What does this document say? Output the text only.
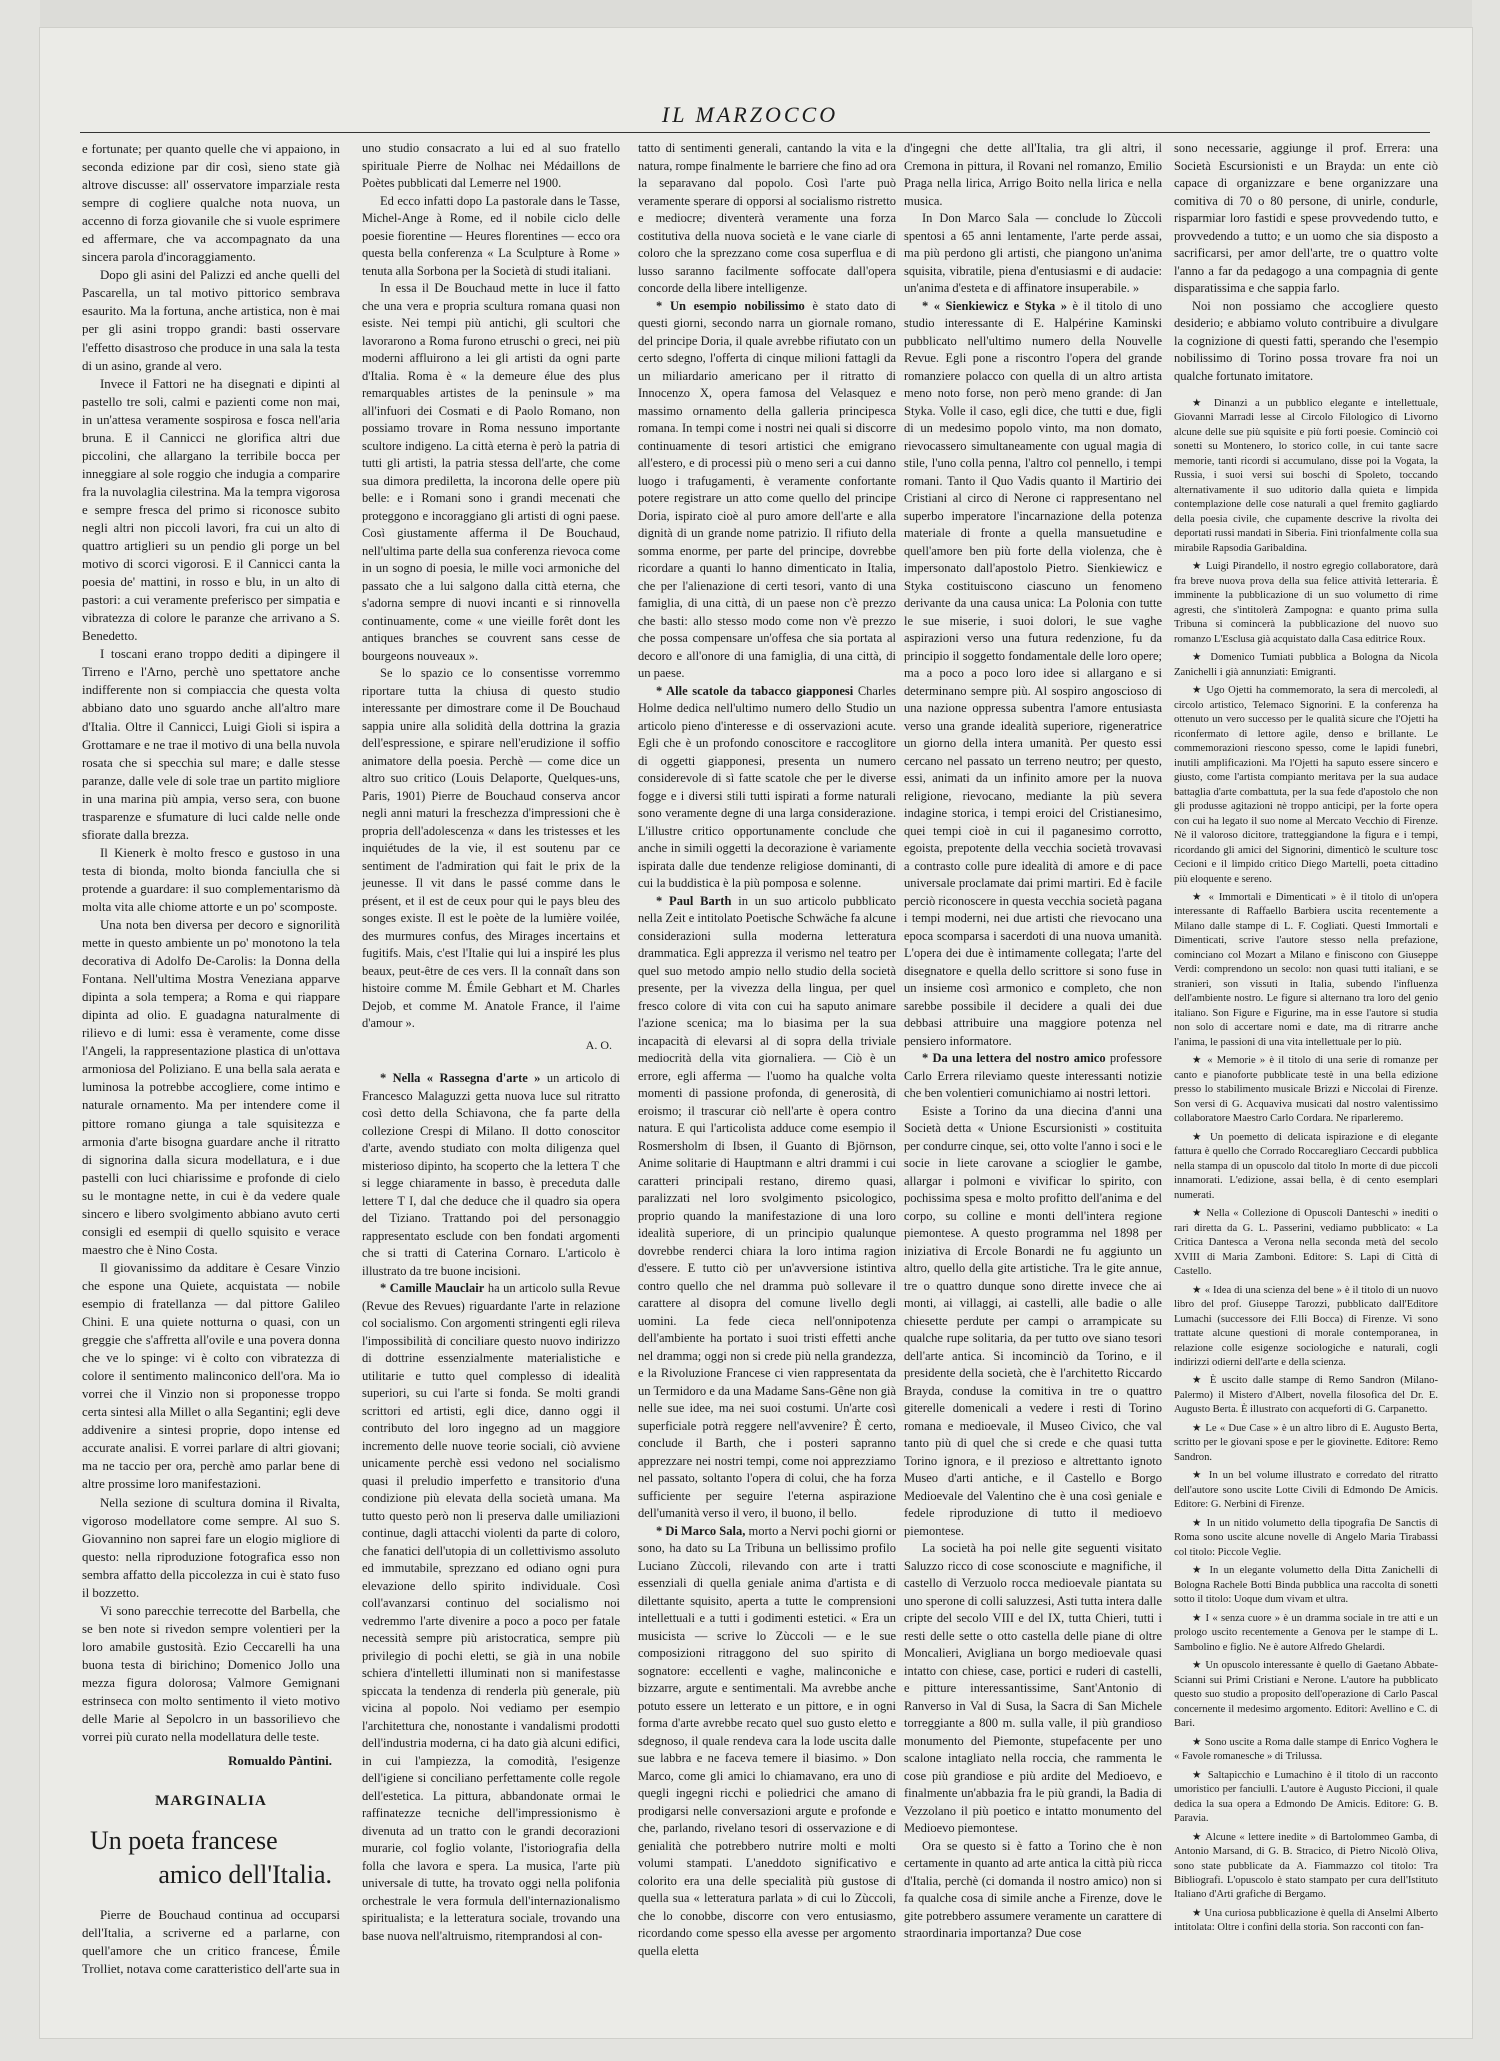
IL MARZOCCO

e fortunate; per quanto quelle che vi appaiono, in seconda edizione par dir così, sieno state già altrove discusse: all' osservatore imparziale resta sempre di cogliere qualche nota nuova, un accenno di forza giovanile che si vuole esprimere ed affermare, che va accompagnato da una sincera parola d'incoraggiamento.

Dopo gli asini del Palizzi ed anche quelli del Pascarella, un tal motivo pittorico sembrava esaurito. Ma la fortuna, anche artistica, non è mai per gli asini troppo grandi: basti osservare l'effetto disastroso che produce in una sala la testa di un asino, grande al vero.

Invece il Fattori ne ha disegnati e dipinti al pastello tre soli, calmi e pazienti come non mai, in un'attesa veramente sospirosa e fosca nell'aria bruna. E il Cannicci ne glorifica altri due piccolini, che allargano la terribile bocca per inneggiare al sole roggio che indugia a comparire fra la nuvolaglia cilestrina. Ma la tempra vigorosa e sempre fresca del primo si riconosce subito negli altri non piccoli lavori, fra cui un alto di quattro artiglieri su un pendio gli porge un bel motivo di scorci vigorosi. E il Cannicci canta la poesia de' mattini, in rosso e blu, in un alto di pastori: a cui veramente preferisco per simpatia e vibratezza di colore le paranze che arrivano a S. Benedetto.

I toscani erano troppo dediti a dipingere il Tirreno e l'Arno, perchè uno spettatore anche indifferente non si compiaccia che questa volta abbiano dato uno sguardo anche all'altro mare d'Italia. Oltre il Cannicci, Luigi Gioli si ispira a Grottamare e ne trae il motivo di una bella nuvola rosata che si specchia sul mare; e dalle stesse paranze, dalle vele di sole trae un partito migliore in una marina più ampia, verso sera, con buone trasparenze e sfumature di luci calde nelle onde sfiorate dalla brezza.

Il Kienerk è molto fresco e gustoso in una testa di bionda, molto bionda fanciulla che si protende a guardare: il suo complementarismo dà molta vita alle chiome attorte e un po' scomposte.

Una nota ben diversa per decoro e signorilità mette in questo ambiente un po' monotono la tela decorativa di Adolfo De-Carolis: la Donna della Fontana. Nell'ultima Mostra Veneziana apparve dipinta a sola tempera; a Roma e qui riappare dipinta ad olio. E guadagna naturalmente di rilievo e di lumi: essa è veramente, come disse l'Angeli, la rappresentazione plastica di un'ottava armoniosa del Poliziano. E una bella sala aerata e luminosa la potrebbe accogliere, come intimo e naturale ornamento. Ma per intendere come il pittore romano giunga a tale squisitezza e armonia d'arte bisogna guardare anche il ritratto di signorina dalla sicura modellatura, e i due pastelli con luci chiarissime e profonde di cielo su le montagne nette, in cui è da vedere quale sincero e libero svolgimento abbiano avuto certi consigli ed esempii di quello squisito e verace maestro che è Nino Costa.

Il giovanissimo da additare è Cesare Vinzio che espone una Quiete, acquistata — nobile esempio di fratellanza — dal pittore Galileo Chini. E una quiete notturna o quasi, con un greggie che s'affretta all'ovile e una povera donna che ve lo spinge: vi è colto con vibratezza di colore il sentimento malinconico dell'ora. Ma io vorrei che il Vinzio non si proponesse troppo certa sintesi alla Millet o alla Segantini; egli deve addivenire a sintesi proprie, dopo intense ed accurate analisi. E vorrei parlare di altri giovani; ma ne taccio per ora, perchè amo parlar bene di altre prossime loro manifestazioni.

Nella sezione di scultura domina il Rivalta, vigoroso modellatore come sempre. Al suo S. Giovannino non saprei fare un elogio migliore di questo: nella riproduzione fotografica esso non sembra affatto della piccolezza in cui è stato fuso il bozzetto.

Vi sono parecchie terrecotte del Barbella, che se ben note si rivedon sempre volentieri per la loro amabile gustosità. Ezio Ceccarelli ha una buona testa di birichino; Domenico Jollo una mezza figura dolorosa; Valmore Gemignani estrinseca con molto sentimento il vieto motivo delle Marie al Sepolcro in un bassorilievo che vorrei più curato nella modellatura delle teste.

Romualdo Pàntini.
MARGINALIA
Un poeta francese
amico dell'Italia.

Pierre de Bouchaud continua ad occuparsi dell'Italia, a scriverne ed a parlarne, con quell'amore che un critico francese, Émile Trolliet, notava come caratteristico dell'arte sua in

uno studio consacrato a lui ed al suo fratello spirituale Pierre de Nolhac nei Médaillons de Poètes pubblicati dal Lemerre nel 1900.

Ed ecco infatti dopo La pastorale dans le Tasse, Michel-Ange à Rome, ed il nobile ciclo delle poesie fiorentine — Heures florentines — ecco ora questa bella conferenza « La Sculpture à Rome » tenuta alla Sorbona per la Società di studi italiani.

In essa il De Bouchaud mette in luce il fatto che una vera e propria scultura romana quasi non esiste. Nei tempi più antichi, gli scultori che lavorarono a Roma furono etruschi o greci, nei più moderni affluirono a lei gli artisti da ogni parte d'Italia. Roma è « la demeure élue des plus remarquables artistes de la peninsule » ma all'infuori dei Cosmati e di Paolo Romano, non possiamo trovare in Roma nessuno importante scultore indigeno. La città eterna è però la patria di tutti gli artisti, la patria stessa dell'arte, che come sua dimora prediletta, la incorona delle opere più belle: e i Romani sono i grandi mecenati che proteggono e incoraggiano gli artisti di ogni paese. Così giustamente afferma il De Bouchaud, nell'ultima parte della sua conferenza rievoca come in un sogno di poesia, le mille voci armoniche del passato che a lui salgono dalla città eterna, che s'adorna sempre di nuovi incanti e si rinnovella continuamente, come « une vieille forêt dont les antiques branches se couvrent sans cesse de bourgeons nouveaux ».

Se lo spazio ce lo consentisse vorremmo riportare tutta la chiusa di questo studio interessante per dimostrare come il De Bouchaud sappia unire alla solidità della dottrina la grazia dell'espressione, e spirare nell'erudizione il soffio animatore della poesia. Perchè — come dice un altro suo critico (Louis Delaporte, Quelques-uns, Paris, 1901) Pierre de Bouchaud conserva ancor negli anni maturi la freschezza d'impressioni che è propria dell'adolescenza « dans les tristesses et les inquiétudes de la vie, il est soutenu par ce sentiment de l'admiration qui fait le prix de la jeunesse. Il vit dans le passé comme dans le présent, et il est de ceux pour qui le pays bleu des songes existe. Il est le poète de la lumière voilée, des murmures confus, des Mirages incertains et fugitifs. Mais, c'est l'Italie qui lui a inspiré les plus beaux, peut-être de ces vers. Il la connaît dans son histoire comme M. Émile Gebhart et M. Charles Dejob, et comme M. Anatole France, il l'aime d'amour ».

A. O.

* Nella « Rassegna d'arte » un articolo di Francesco Malaguzzi getta nuova luce sul ritratto così detto della Schiavona, che fa parte della collezione Crespi di Milano. Il dotto conoscitor d'arte, avendo studiato con molta diligenza quel misterioso dipinto, ha scoperto che la lettera T che si legge chiaramente in basso, è preceduta dalle lettere T I, dal che deduce che il quadro sia opera del Tiziano. Trattando poi del personaggio rappresentato esclude con ben fondati argomenti che si tratti di Caterina Cornaro. L'articolo è illustrato da tre buone incisioni.

* Camille Mauclair ha un articolo sulla Revue (Revue des Revues) riguardante l'arte in relazione col socialismo. Con argomenti stringenti egli rileva l'impossibilità di conciliare questo nuovo indirizzo di dottrine essenzialmente materialistiche e utilitarie e tutto quel complesso di idealità superiori, su cui l'arte si fonda. Se molti grandi scrittori ed artisti, egli dice, danno oggi il contributo del loro ingegno ad un maggiore incremento delle nuove teorie sociali, ciò avviene unicamente perchè essi vedono nel socialismo quasi il preludio imperfetto e transitorio d'una condizione più elevata della società umana. Ma tutto questo però non li preserva dalle umiliazioni continue, dagli attacchi violenti da parte di coloro, che fanatici dell'utopia di un collettivismo assoluto ed immutabile, sprezzano ed odiano ogni pura elevazione dello spirito individuale. Così coll'avanzarsi continuo del socialismo noi vedremmo l'arte divenire a poco a poco per fatale necessità sempre più aristocratica, sempre più privilegio di pochi eletti, se già in una nobile schiera d'intelletti illuminati non si manifestasse spiccata la tendenza di renderla più generale, più vicina al popolo. Noi vediamo per esempio l'architettura che, nonostante i vandalismi prodotti dell'industria moderna, ci ha dato già alcuni edifici, in cui l'ampiezza, la comodità, l'esigenze dell'igiene si conciliano perfettamente colle regole dell'estetica. La pittura, abbandonate ormai le raffinatezze tecniche dell'impressionismo è divenuta ad un tratto con le grandi decorazioni murarie, col foglio volante, l'istoriografia della folla che lavora e spera. La musica, l'arte più universale di tutte, ha trovato oggi nella polifonia orchestrale le vera formula dell'internazionalismo spiritualista; e la letteratura sociale, trovando una base nuova nell'altruismo, ritemprandosi al con-

tatto di sentimenti generali, cantando la vita e la natura, rompe finalmente le barriere che fino ad ora la separavano dal popolo. Così l'arte può veramente sperare di opporsi al socialismo ristretto e mediocre; diventerà veramente una forza costitutiva della nuova società e le vane ciarle di coloro che la sprezzano come cosa superflua e di lusso saranno facilmente soffocate dall'opera concorde della libere intelligenze.

* Un esempio nobilissimo è stato dato di questi giorni, secondo narra un giornale romano, del principe Doria, il quale avrebbe rifiutato con un certo sdegno, l'offerta di cinque milioni fattagli da un miliardario americano per il ritratto di Innocenzo X, opera famosa del Velasquez e massimo ornamento della galleria principesca romana. In tempi come i nostri nei quali si discorre continuamente di tesori artistici che emigrano all'estero, e di processi più o meno seri a cui danno luogo i trafugamenti, è veramente confortante potere registrare un atto come quello del principe Doria, ispirato cioè al puro amore dell'arte e alla dignità di un grande nome patrizio. Il rifiuto della somma enorme, per parte del principe, dovrebbe ricordare a quanti lo hanno dimenticato in Italia, che per l'alienazione di certi tesori, vanto di una famiglia, di una città, di un paese non c'è prezzo che basti: allo stesso modo come non v'è prezzo che possa compensare un'offesa che sia portata al decoro e all'onore di una famiglia, di una città, di un paese.

* Alle scatole da tabacco giapponesi Charles Holme dedica nell'ultimo numero dello Studio un articolo pieno d'interesse e di osservazioni acute. Egli che è un profondo conoscitore e raccoglitore di oggetti giapponesi, presenta un numero considerevole di sì fatte scatole che per le diverse fogge e i diversi stili tutti ispirati a forme naturali sono veramente degne di una larga considerazione. L'illustre critico opportunamente conclude che anche in simili oggetti la decorazione è variamente ispirata dalle due tendenze religiose dominanti, di cui la buddistica è la più pomposa e solenne.

* Paul Barth in un suo articolo pubblicato nella Zeit e intitolato Poetische Schwäche fa alcune considerazioni sulla moderna letteratura drammatica. Egli apprezza il verismo nel teatro per quel suo metodo ampio nello studio della società presente, per la vivezza della lingua, per quel fresco colore di vita con cui ha saputo animare l'azione scenica; ma lo biasima per la sua incapacità di elevarsi al di sopra della triviale mediocrità della vita giornaliera. — Ciò è un errore, egli afferma — l'uomo ha qualche volta momenti di passione profonda, di generosità, di eroismo; il trascurar ciò nell'arte è opera contro natura. E qui l'articolista adduce come esempio il Rosmersholm di Ibsen, il Guanto di Björnson, Anime solitarie di Hauptmann e altri drammi i cui caratteri principali restano, diremo quasi, paralizzati nel loro svolgimento psicologico, proprio quando la manifestazione di una loro idealità superiore, di un principio qualunque dovrebbe renderci chiara la loro intima ragion d'essere. E tutto ciò per un'avversione istintiva contro quello che nel dramma può sollevare il carattere al disopra del comune livello degli uomini. La fede cieca nell'onnipotenza dell'ambiente ha portato i suoi tristi effetti anche nel dramma; oggi non si crede più nella grandezza, e la Rivoluzione Francese ci vien rappresentata da un Termidoro e da una Madame Sans-Gêne non già nelle sue idee, ma nei suoi costumi. Un'arte così superficiale potrà reggere nell'avvenire? È certo, conclude il Barth, che i posteri sapranno apprezzare nei nostri tempi, come noi apprezziamo nel passato, soltanto l'opera di colui, che ha forza sufficiente per seguire l'eterna aspirazione dell'umanità verso il vero, il buono, il bello.

* Di Marco Sala, morto a Nervi pochi giorni or sono, ha dato su La Tribuna un bellissimo profilo Luciano Zùccoli, rilevando con arte i tratti essenziali di quella geniale anima d'artista e di dilettante squisito, aperta a tutte le comprensioni intellettuali e a tutti i godimenti estetici. « Era un musicista — scrive lo Zùccoli — e le sue composizioni ritraggono del suo spirito di sognatore: eccellenti e vaghe, malinconiche e bizzarre, argute e sentimentali. Ma avrebbe anche potuto essere un letterato e un pittore, e in ogni forma d'arte avrebbe recato quel suo gusto eletto e sdegnoso, il quale rendeva cara la lode uscita dalle sue labbra e ne faceva temere il biasimo. » Don Marco, come gli amici lo chiamavano, era uno di quegli ingegni ricchi e poliedrici che amano di prodigarsi nelle conversazioni argute e profonde e che, parlando, rivelano tesori di osservazione e di genialità che potrebbero nutrire molti e molti volumi stampati. L'aneddoto significativo e colorito era una delle specialità più gustose di quella sua « letteratura parlata » di cui lo Zùccoli, che lo conobbe, discorre con vero entusiasmo, ricordando come spesso ella avesse per argomento quella eletta

d'ingegni che dette all'Italia, tra gli altri, il Cremona in pittura, il Rovani nel romanzo, Emilio Praga nella lirica, Arrigo Boito nella lirica e nella musica.

In Don Marco Sala — conclude lo Zùccoli spentosi a 65 anni lentamente, l'arte perde assai, ma più perdono gli artisti, che piangono un'anima squisita, vibratile, piena d'entusiasmi e di audacie: un'anima d'esteta e di affinatore insuperabile. »

* « Sienkiewicz e Styka » è il titolo di uno studio interessante di E. Halpérine Kaminski pubblicato nell'ultimo numero della Nouvelle Revue. Egli pone a riscontro l'opera del grande romanziere polacco con quella di un altro artista meno noto forse, non però meno grande: di Jan Styka. Volle il caso, egli dice, che tutti e due, figli di un medesimo popolo vinto, ma non domato, rievocassero simultaneamente con ugual magia di stile, l'uno colla penna, l'altro col pennello, i tempi romani. Tanto il Quo Vadis quanto il Martirio dei Cristiani al circo di Nerone ci rappresentano nel superbo imperatore l'incarnazione della potenza materiale di fronte a quella mansuetudine e quell'amore ben più forte della violenza, che è impersonato dall'apostolo Pietro. Sienkiewicz e Styka costituiscono ciascuno un fenomeno derivante da una causa unica: La Polonia con tutte le sue miserie, i suoi dolori, le sue vaghe aspirazioni verso una futura redenzione, fu da principio il soggetto fondamentale delle loro opere; ma a poco a poco loro idee si allargano e si determinano sempre più. Al sospiro angoscioso di una nazione oppressa subentra l'amore entusiasta verso una grande idealità superiore, rigeneratrice un giorno della intera umanità. Per questo essi cercano nel passato un terreno neutro; per questo, essi, animati da un infinito amore per la nuova religione, rievocano, mediante la più severa indagine storica, i tempi eroici del Cristianesimo, quei tempi cioè in cui il paganesimo corrotto, egoista, prepotente della vecchia società trovavasi a contrasto colle pure idealità di amore e di pace universale proclamate dai primi martiri. Ed è facile perciò riconoscere in questa vecchia società pagana i tempi moderni, nei due artisti che rievocano una epoca scomparsa i sacerdoti di una nuova umanità. L'opera dei due è intimamente collegata; l'arte del disegnatore e quella dello scrittore si sono fuse in un insieme così armonico e completo, che non sarebbe possibile il decidere a quali dei due debbasi attribuire una maggiore potenza nel pensiero informatore.

* Da una lettera del nostro amico professore Carlo Errera rileviamo queste interessanti notizie che ben volentieri comunichiamo ai nostri lettori.

Esiste a Torino da una diecina d'anni una Società detta « Unione Escursionisti » costituita per condurre cinque, sei, otto volte l'anno i soci e le socie in liete carovane a scioglier le gambe, allargar i polmoni e vivificar lo spirito, con pochissima spesa e molto profitto dell'anima e del corpo, su colline e monti dell'intera regione piemontese. A questo programma nel 1898 per iniziativa di Ercole Bonardi ne fu aggiunto un altro, quello della gite artistiche. Tra le gite annue, tre o quattro dunque sono dirette invece che ai monti, ai villaggi, ai castelli, alle badie o alle chiesette perdute per campi o arrampicate su qualche rupe solitaria, da per tutto ove siano tesori dell'arte antica. Si incominciò da Torino, e il presidente della società, che è l'architetto Riccardo Brayda, conduse la comitiva in tre o quattro giterelle domenicali a vedere i resti di Torino romana e medioevale, il Museo Civico, che val tanto più di quel che si crede e che quasi tutta Torino ignora, e il prezioso e altrettanto ignoto Museo d'arti antiche, e il Castello e Borgo Medioevale del Valentino che è una così geniale e fedele riproduzione di tutto il medioevo piemontese.

La società ha poi nelle gite seguenti visitato Saluzzo ricco di cose sconosciute e magnifiche, il castello di Verzuolo rocca medioevale piantata su uno sperone di colli saluzzesi, Asti tutta intera dalle cripte del secolo VIII e del IX, tutta Chieri, tutti i resti delle sette o otto castella delle piane di oltre Moncalieri, Avigliana un borgo medioevale quasi intatto con chiese, case, portici e ruderi di castelli, e pitture interessantissime, Sant'Antonio di Ranverso in Val di Susa, la Sacra di San Michele torreggiante a 800 m. sulla valle, il più grandioso monumento del Piemonte, stupefacente per uno scalone intagliato nella roccia, che rammenta le cose più grandiose e più ardite del Medioevo, e finalmente un'abbazia fra le più grandi, la Badia di Vezzolano il più poetico e intatto monumento del Medioevo piemontese.

Ora se questo si è fatto a Torino che è non certamente in quanto ad arte antica la città più ricca d'Italia, perchè (ci domanda il nostro amico) non si fa qualche cosa di simile anche a Firenze, dove le gite potrebbero assumere veramente un carattere di straordinaria importanza? Due cose

sono necessarie, aggiunge il prof. Errera: una Società Escursionisti e un Brayda: un ente ciò capace di organizzare e bene organizzare una comitiva di 70 o 80 persone, di unirle, condurle, risparmiar loro fastidi e spese provvedendo tutto, e provvedendo a tutto; e un uomo che sia disposto a sacrificarsi, per amor dell'arte, tre o quattro volte l'anno a far da pedagogo a una compagnia di gente disparatissima e che sappia farlo.

Noi non possiamo che accogliere questo desiderio; e abbiamo voluto contribuire a divulgare la cognizione di questi fatti, sperando che l'esempio nobilissimo di Torino possa trovare fra noi un qualche fortunato imitatore.

★ Dinanzi a un pubblico elegante e intellettuale, Giovanni Marradi lesse al Circolo Filologico di Livorno alcune delle sue più squisite e più forti poesie. Cominciò coi sonetti su Montenero, lo storico colle, in cui tante sacre memorie, tanti ricordi si accumulano, disse poi la Vogata, la Russia, i suoi versi sui boschi di Spoleto, toccando alternativamente il suo uditorio dalla quieta e limpida contemplazione delle cose naturali a quel fremito gagliardo della poesia civile, che cupamente descrive la rivolta dei deportati russi mandati in Siberia. Finì trionfalmente colla sua mirabile Rapsodia Garibaldina.

★ Luigi Pirandello, il nostro egregio collaboratore, darà fra breve nuova prova della sua felice attività letteraria. È imminente la pubblicazione di un suo volumetto di rime agresti, che s'intitolerà Zampogna: e quanto prima sulla Tribuna si comincerà la pubblicazione del nuovo suo romanzo L'Esclusa già acquistato dalla Casa editrice Roux.

★ Domenico Tumiati pubblica a Bologna da Nicola Zanichelli i già annunziati: Emigranti.

★ Ugo Ojetti ha commemorato, la sera di mercoledì, al circolo artistico, Telemaco Signorini. E la conferenza ha ottenuto un vero successo per le qualità sicure che l'Ojetti ha riconfermato di lettore agile, denso e brillante. Le commemorazioni riescono spesso, come le lapidi funebri, inutili amplificazioni. Ma l'Ojetti ha saputo essere sincero e giusto, come l'artista compianto meritava per la sua audace battaglia d'arte combattuta, per la sua fede d'apostolo che non gli produsse agitazioni nè troppo anticipi, per la forte opera con cui ha legato il suo nome al Mercato Vecchio di Firenze. Nè il valoroso dicitore, tratteggiandone la figura e i tempi, ricordando gli amici del Signorini, dimenticò le sculture tosc Cecioni e il limpido critico Diego Martelli, poeta cittadino più eloquente e sereno.

★ « Immortali e Dimenticati » è il titolo di un'opera interessante di Raffaello Barbiera uscita recentemente a Milano dalle stampe di L. F. Cogliati. Questi Immortali e Dimenticati, scrive l'autore stesso nella prefazione, cominciano col Mozart a Milano e finiscono con Giuseppe Verdi: comprendono un secolo: non quasi tutti italiani, e se stranieri, son vissuti in Italia, subendo l'influenza dell'ambiente nostro. Le figure si alternano tra loro del genio italiano. Son Figure e Figurine, ma in esse l'autore si studia non solo di accertare nomi e date, ma di ritrarre anche l'anima, le passioni di una vita intellettuale per lo più.

★ « Memorie » è il titolo di una serie di romanze per canto e pianoforte pubblicate testè in una bella edizione presso lo stabilimento musicale Brizzi e Niccolai di Firenze. Son versi di G. Acquaviva musicati dal nostro valentissimo collaboratore Maestro Carlo Cordara. Ne riparleremo.

★ Un poemetto di delicata ispirazione e di elegante fattura è quello che Corrado Roccaregliaro Ceccardi pubblica nella stampa di un opuscolo dal titolo In morte di due piccoli innamorati. L'edizione, assai bella, è di cento esemplari numerati.

★ Nella « Collezione di Opuscoli Danteschi » inediti o rari diretta da G. L. Passerini, vediamo pubblicato: « La Critica Dantesca a Verona nella seconda metà del secolo XVIII di Maria Zamboni. Editore: S. Lapi di Città di Castello.

★ « Idea di una scienza del bene » è il titolo di un nuovo libro del prof. Giuseppe Tarozzi, pubblicato dall'Editore Lumachi (successore dei F.lli Bocca) di Firenze. Vi sono trattate alcune questioni di morale contemporanea, in relazione colle esigenze sociologiche e naturali, cogli indirizzi odierni dell'arte e della scienza.

★ È uscito dalle stampe di Remo Sandron (Milano-Palermo) il Mistero d'Albert, novella filosofica del Dr. E. Augusto Berta. È illustrato con acqueforti di G. Carpanetto.

★ Le « Due Case » è un altro libro di E. Augusto Berta, scritto per le giovani spose e per le giovinette. Editore: Remo Sandron.

★ In un bel volume illustrato e corredato del ritratto dell'autore sono uscite Lotte Civili di Edmondo De Amicis. Editore: G. Nerbini di Firenze.

★ In un nitido volumetto della tipografia De Sanctis di Roma sono uscite alcune novelle di Angelo Maria Tirabassi col titolo: Piccole Veglie.

★ In un elegante volumetto della Ditta Zanichelli di Bologna Rachele Botti Binda pubblica una raccolta di sonetti sotto il titolo: Uoque dum vivam et ultra.

★ I « senza cuore » è un dramma sociale in tre atti e un prologo uscito recentemente a Genova per le stampe di L. Sambolino e figlio. Ne è autore Alfredo Ghelardi.

★ Un opuscolo interessante è quello di Gaetano Abbate-Scianni sui Primi Cristiani e Nerone. L'autore ha pubblicato questo suo studio a proposito dell'operazione di Carlo Pascal concernente il medesimo argomento. Editori: Avellino e C. di Bari.

★ Sono uscite a Roma dalle stampe di Enrico Voghera le « Favole romanesche » di Trilussa.

★ Saltapicchio e Lumachino è il titolo di un racconto umoristico per fanciulli. L'autore è Augusto Piccioni, il quale dedica la sua opera a Edmondo De Amicis. Editore: G. B. Paravia.

★ Alcune « lettere inedite » di Bartolommeo Gamba, di Antonio Marsand, di G. B. Stracico, di Pietro Nicolò Oliva, sono state pubblicate da A. Fiammazzo col titolo: Tra Bibliografi. L'opuscolo è stato stampato per cura dell'Istituto Italiano d'Arti grafiche di Bergamo.

★ Una curiosa pubblicazione è quella di Anselmi Alberto intitolata: Oltre i confini della storia. Son racconti con fan-
